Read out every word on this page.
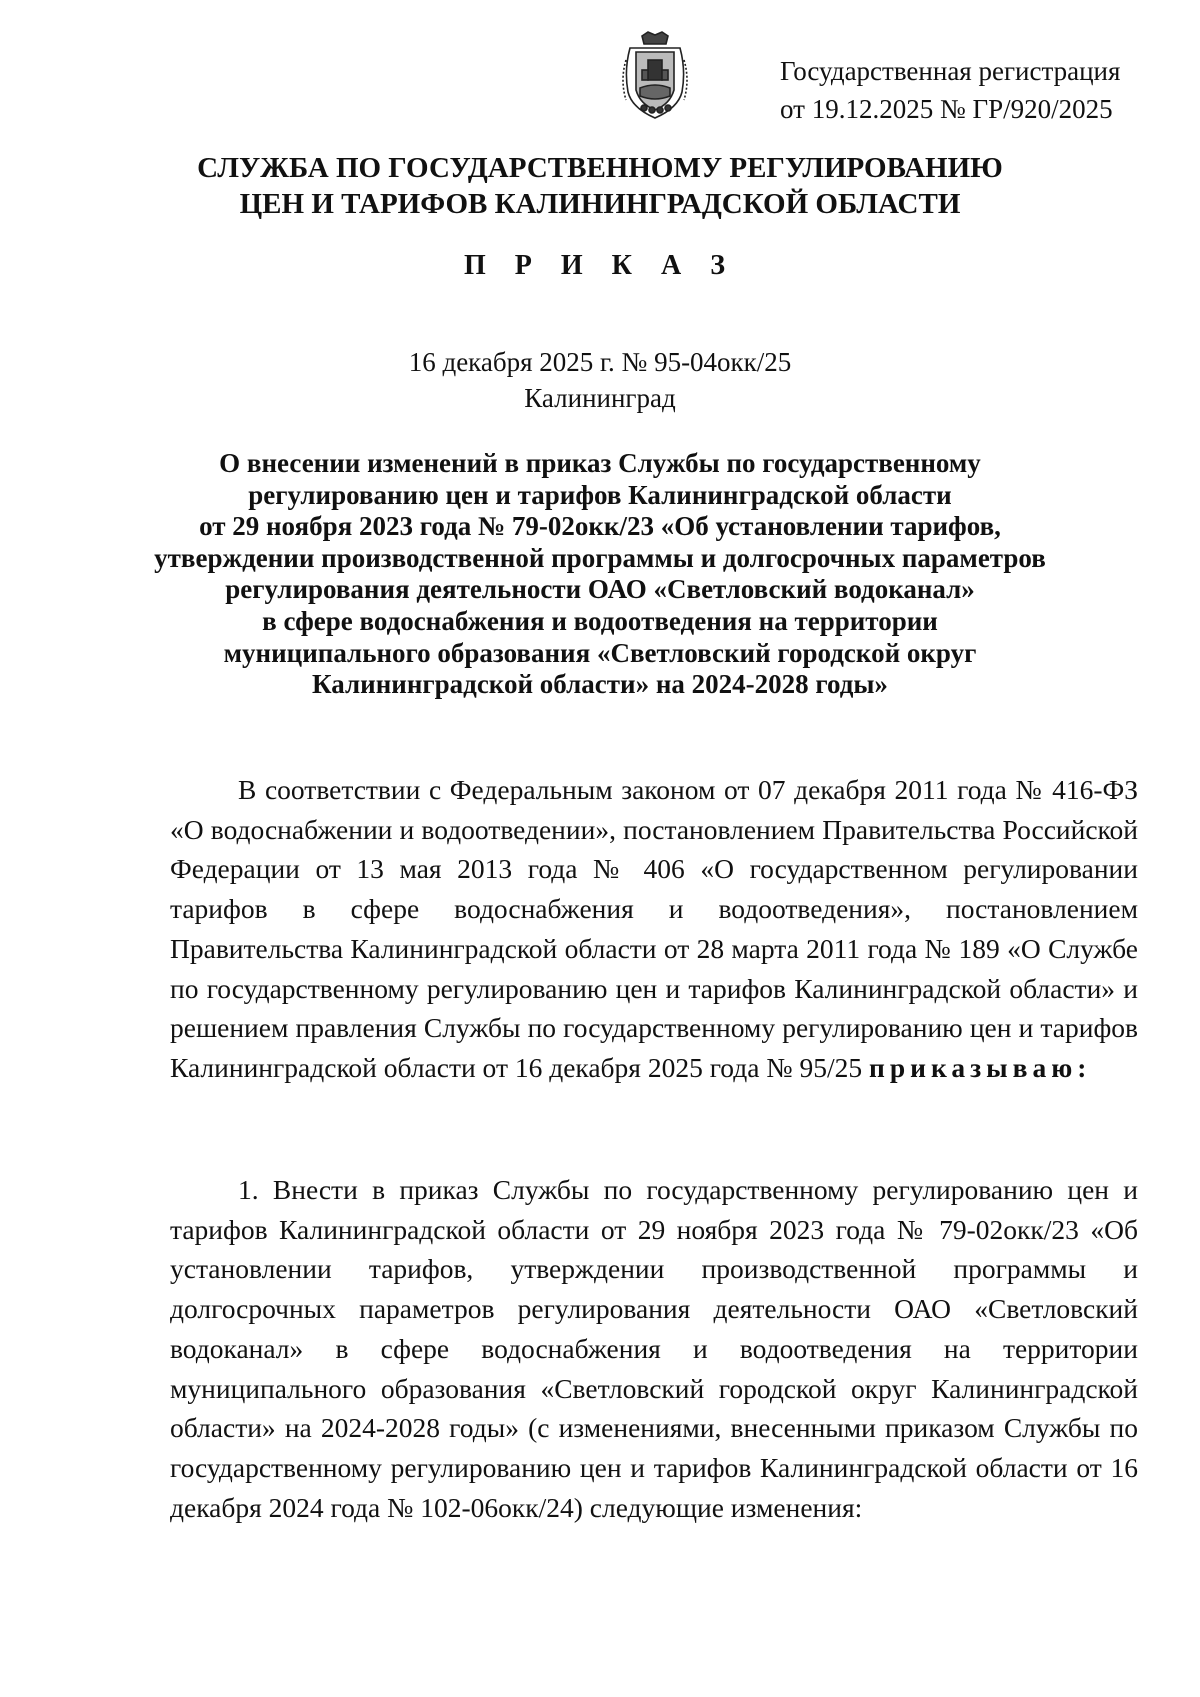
Государственная регистрация
от 19.12.2025 № ГР/920/2025
СЛУЖБА ПО ГОСУДАРСТВЕННОМУ РЕГУЛИРОВАНИЮ
ЦЕН И ТАРИФОВ КАЛИНИНГРАДСКОЙ ОБЛАСТИ
П Р И К А З
16 декабря 2025 г. № 95-04окк/25
Калининград
О внесении изменений в приказ Службы по государственному
регулированию цен и тарифов Калининградской области
от 29 ноября 2023 года № 79-02окк/23 «Об установлении тарифов,
утверждении производственной программы и долгосрочных параметров
регулирования деятельности ОАО «Светловский водоканал»
в сфере водоснабжения и водоотведения на территории
муниципального образования «Светловский городской округ
Калининградской области» на 2024-2028 годы»
В соответствии с Федеральным законом от 07 декабря 2011 года № 416-ФЗ «О водоснабжении и водоотведении», постановлением Правительства Российской Федерации от 13 мая 2013 года № 406 «О государственном регулировании тарифов в сфере водоснабжения и водоотведения», постановлением Правительства Калининградской области от 28 марта 2011 года № 189 «О Службе по государственному регулированию цен и тарифов Калининградской области» и решением правления Службы по государственному регулированию цен и тарифов Калининградской области от 16 декабря 2025 года № 95/25 приказываю:
1. Внести в приказ Службы по государственному регулированию цен и тарифов Калининградской области от 29 ноября 2023 года № 79-02окк/23 «Об установлении тарифов, утверждении производственной программы и долгосрочных параметров регулирования деятельности ОАО «Светловский водоканал» в сфере водоснабжения и водоотведения на территории муниципального образования «Светловский городской округ Калининградской области» на 2024-2028 годы» (с изменениями, внесенными приказом Службы по государственному регулированию цен и тарифов Калининградской области от 16 декабря 2024 года № 102-06окк/24) следующие изменения:
